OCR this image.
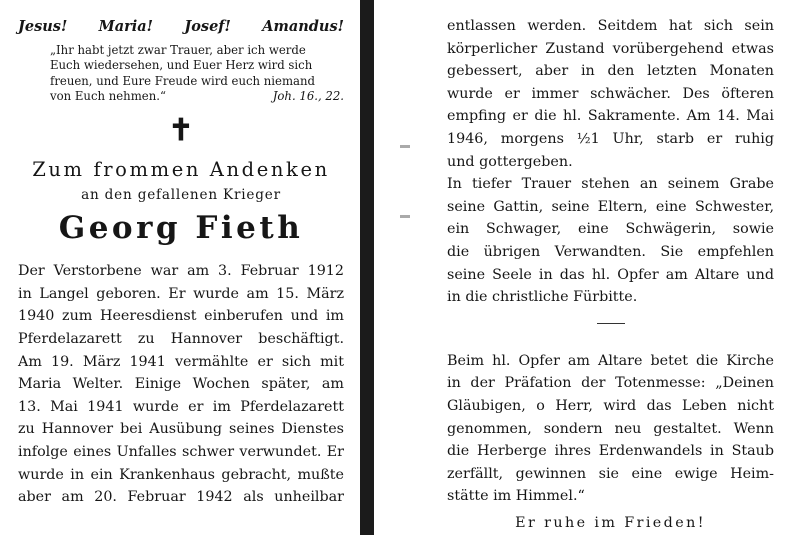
Jesus! Maria! Josef! Amandus!
„Ihr habt jetzt zwar Trauer, aber ich werde
Euch wiedersehen, und Euer Herz wird sich
freuen, und Eure Freude wird euch niemand
von Euch nehmen.“	Joh. 16., 22.
✝
Zum frommen Andenken
an den gefallenen Krieger
Georg Fieth
Der Verstorbene war am 3. Februar 1912
in Langel geboren. Er wurde am 15. März
1940 zum Heeresdienst einberufen und im
Pferdelazarett zu Hannover beschäftigt.
Am 19. März 1941 vermählte er sich mit
Maria Welter. Einige Wochen später, am
13. Mai 1941 wurde er im Pferdelazarett
zu Hannover bei Ausübung seines Dienstes
infolge eines Unfalles schwer verwundet. Er
wurde in ein Krankenhaus gebracht, mußte
aber am 20. Februar 1942 als unheilbar
entlassen werden. Seitdem hat sich sein
körperlicher Zustand vorübergehend etwas
gebessert, aber in den letzten Monaten
wurde er immer schwächer. Des öfteren
empfing er die hl. Sakramente. Am 14. Mai
1946, morgens ½1 Uhr, starb er ruhig
und gottergeben.
In tiefer Trauer stehen an seinem Grabe
seine Gattin, seine Eltern, eine Schwester,
ein Schwager, eine Schwägerin, sowie
die übrigen Verwandten. Sie empfehlen
seine Seele in das hl. Opfer am Altare und
in die christliche Fürbitte.
Beim hl. Opfer am Altare betet die Kirche
in der Präfation der Totenmesse: „Deinen
Gläubigen, o Herr, wird das Leben nicht
genommen, sondern neu gestaltet. Wenn
die Herberge ihres Erdenwandels in Staub
zerfällt, gewinnen sie eine ewige Heim-
stätte im Himmel.“
Er ruhe im Frieden!
